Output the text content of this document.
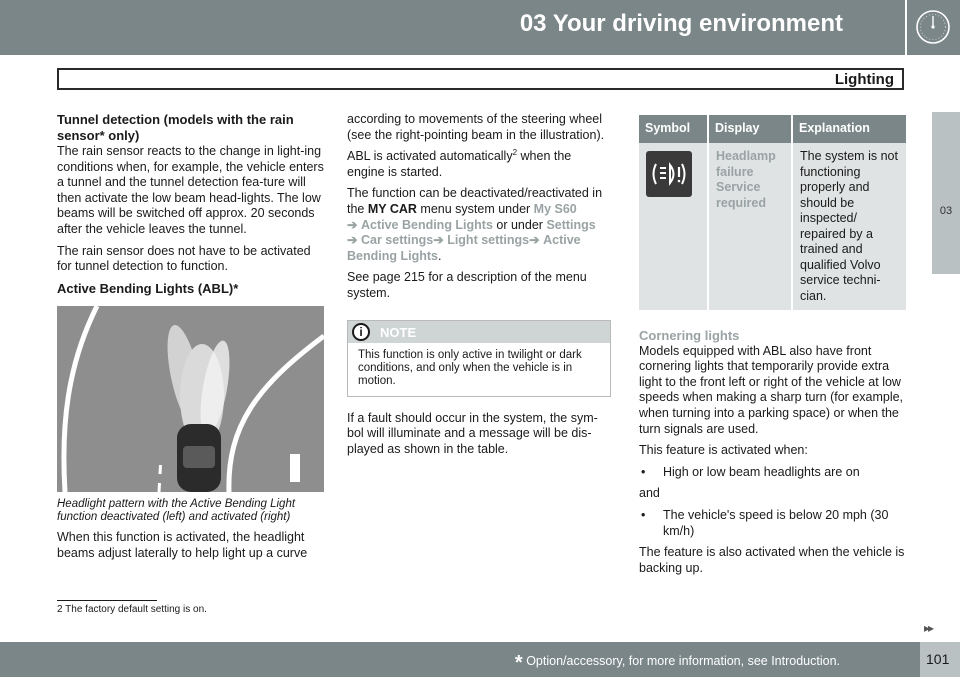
03 Your driving environment
Lighting
03
Tunnel detection (models with the rain sensor* only)

The rain sensor reacts to the change in light-ing conditions when, for example, the vehicle enters a tunnel and the tunnel detection fea-ture will then activate the low beam head-lights. The low beams will be switched off approx. 20 seconds after the vehicle leaves the tunnel.

The rain sensor does not have to be activated for tunnel detection to function.

Active Bending Lights (ABL)*
Headlight pattern with the Active Bending Light function deactivated (left) and activated (right)

When this function is activated, the headlight beams adjust laterally to help light up a curve

according to movements of the steering wheel (see the right-pointing beam in the illustration).

ABL is activated automatically$^2$ when the engine is started.

The function can be deactivated/reactivated in the MY CAR menu system under My S60
➔ Active Bending Lights or under Settings
➔ Car settings➔ Light settings➔ Active Bending Lights.

See page 215 for a description of the menu system.

i	NOTE
This function is only active in twilight or dark conditions, and only when the vehicle is in motion.

If a fault should occur in the system, the sym-bol will illuminate and a message will be dis-played as shown in the table.

Symbol	Display	Explanation

	Headlamp failure Service required	The system is not functioning properly and should be inspected/ repaired by a trained and qualified Volvo service techni-cian.
Cornering lights

Models equipped with ABL also have front cornering lights that temporarily provide extra light to the front left or right of the vehicle at low speeds when making a sharp turn (for example, when turning into a parking space) or when the turn signals are used.

This feature is activated when:

• High or low beam headlights are on

and

• The vehicle's speed is below 20 mph (30 km/h)

The feature is also activated when the vehicle is backing up.

2 The factory default setting is on.
▸▸
* Option/accessory, for more information, see Introduction.	101
